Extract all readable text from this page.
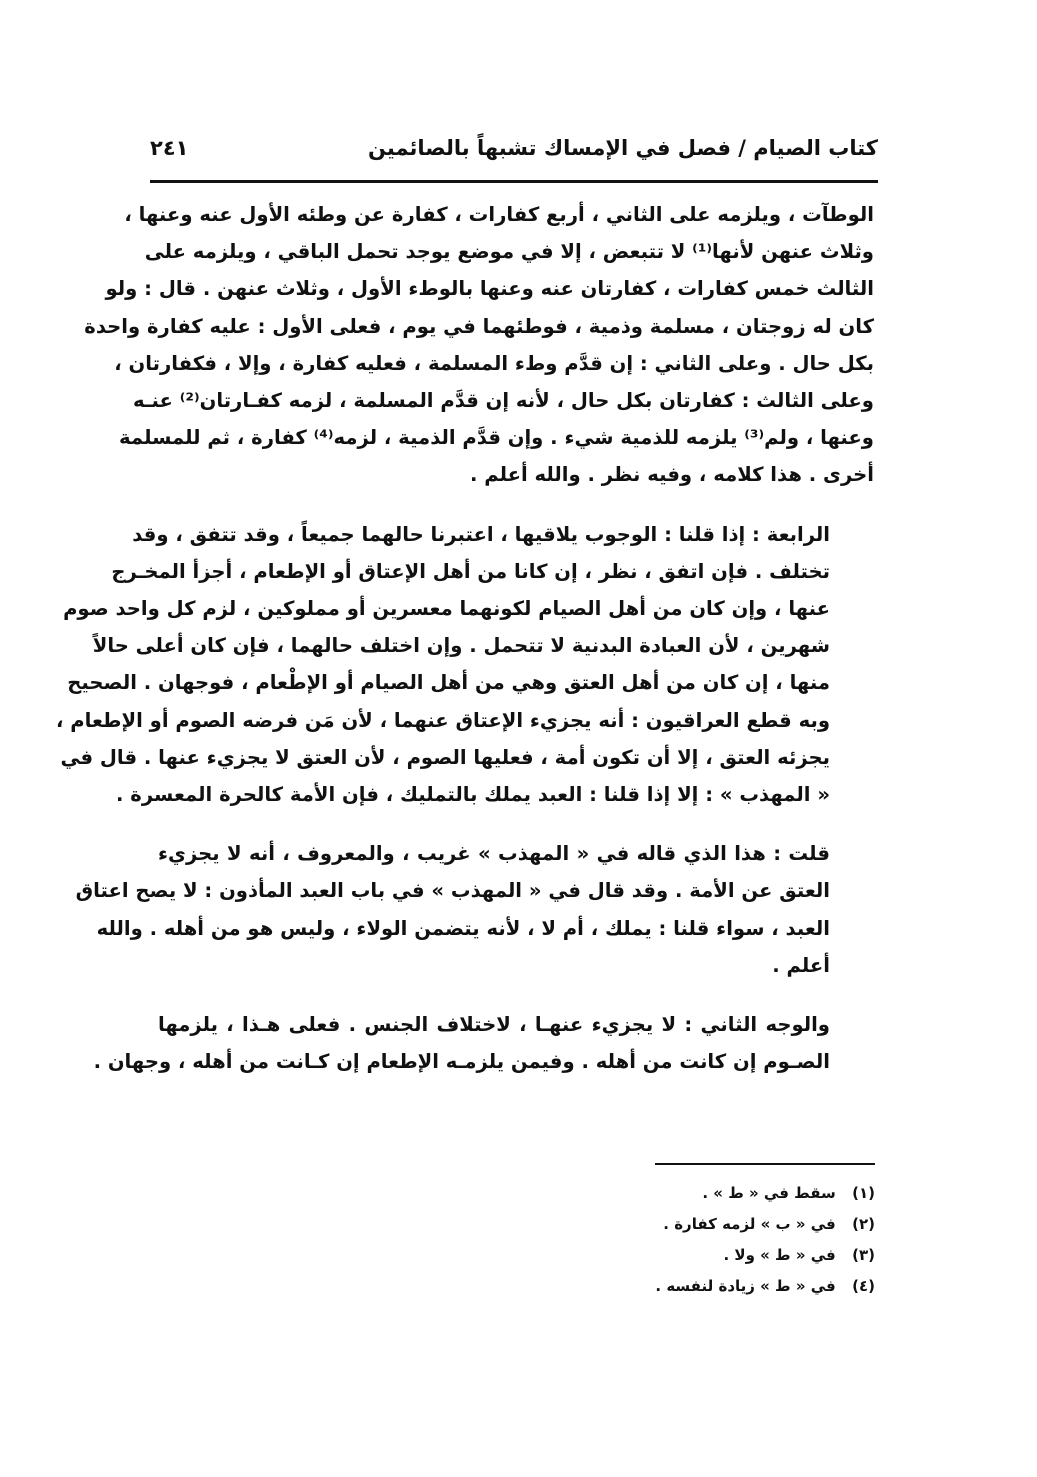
كتاب الصيام / فصل في الإمساك تشبهاً بالصائمين
٢٤١

الوطآت ، ويلزمه على الثاني ، أربع كفارات ، كفارة عن وطئه الأول عنه وعنها ،
وثلاث عنهن لأنها⁽¹⁾ لا تتبعض ، إلا في موضع يوجد تحمل الباقي ، ويلزمه على
الثالث خمس كفارات ، كفارتان عنه وعنها بالوطء الأول ، وثلاث عنهن . قال : ولو
كان له زوجتان ، مسلمة وذمية ، فوطئهما في يوم ، فعلى الأول : عليه كفارة واحدة
بكل حال . وعلى الثاني : إن قدَّم وطء المسلمة ، فعليه كفارة ، وإلا ، فكفارتان ،
وعلى الثالث : كفارتان بكل حال ، لأنه إن قدَّم المسلمة ، لزمه كفـارتان⁽²⁾ عنـه
وعنها ، ولم⁽³⁾ يلزمه للذمية شيء . وإن قدَّم الذمية ، لزمه⁽⁴⁾ كفارة ، ثم للمسلمة
أخرى . هذا كلامه ، وفيه نظر . والله أعلم .

الرابعة : إذا قلنا : الوجوب يلاقيها ، اعتبرنا حالهما جميعاً ، وقد تتفق ، وقد
تختلف . فإن اتفق ، نظر ، إن كانا من أهل الإعتاق أو الإطعام ، أجزأ المخـرج
عنها ، وإن كان من أهل الصيام لكونهما معسرين أو مملوكين ، لزم كل واحد صوم
شهرين ، لأن العبادة البدنية لا تتحمل . وإن اختلف حالهما ، فإن كان أعلى حالاً
منها ، إن كان من أهل العتق وهي من أهل الصيام أو الإطْعام ، فوجهان . الصحيح
وبه قطع العراقيون : أنه يجزيء الإعتاق عنهما ، لأن مَن فرضه الصوم أو الإطعام ،
يجزئه العتق ، إلا أن تكون أمة ، فعليها الصوم ، لأن العتق لا يجزيء عنها . قال في
« المهذب » : إلا إذا قلنا : العبد يملك بالتمليك ، فإن الأمة كالحرة المعسرة .

قلت : هذا الذي قاله في « المهذب » غريب ، والمعروف ، أنه لا يجزيء
العتق عن الأمة . وقد قال في « المهذب » في باب العبد المأذون : لا يصح اعتاق
العبد ، سواء قلنا : يملك ، أم لا ، لأنه يتضمن الولاء ، وليس هو من أهله . والله
أعلم .

والوجه الثاني : لا يجزيء عنهـا ، لاختلاف الجنس . فعلى هـذا ، يلزمها
الصـوم إن كانت من أهله . وفيمن يلزمـه الإطعام إن كـانت من أهله ، وجهان .

(١) سقط في « ط » .
(٢) في « ب » لزمه كفارة .
(٣) في « ط » ولا .
(٤) في « ط » زيادة لنفسه .
